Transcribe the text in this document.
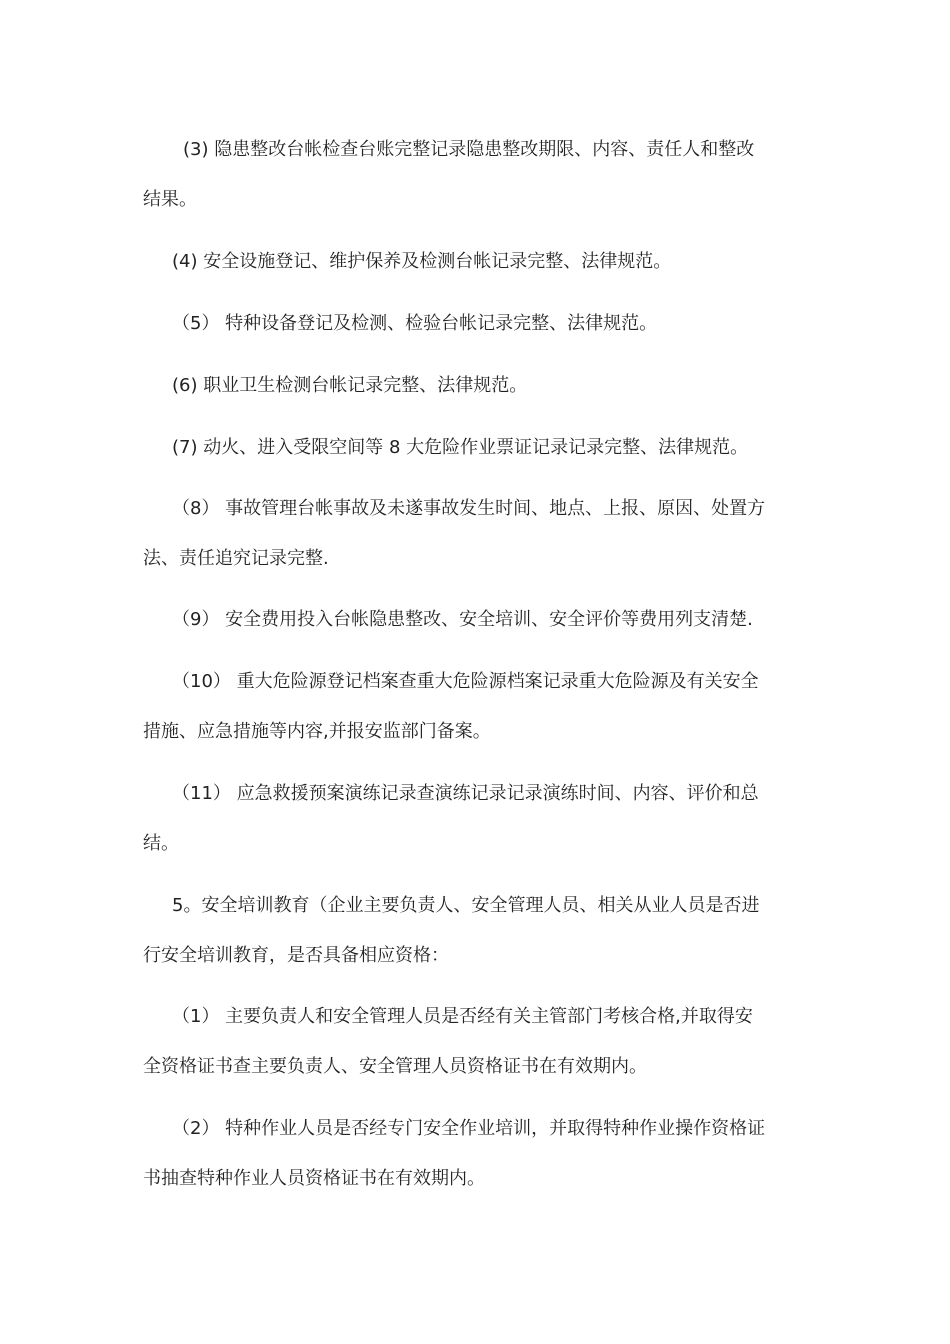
(3) 隐患整改台帐检查台账完整记录隐患整改期限、内容、责任人和整改
结果。
(4) 安全设施登记、维护保养及检测台帐记录完整、法律规范。
（5） 特种设备登记及检测、检验台帐记录完整、法律规范。
(6) 职业卫生检测台帐记录完整、法律规范。
(7) 动火、进入受限空间等 8 大危险作业票证记录记录完整、法律规范。
（8） 事故管理台帐事故及未遂事故发生时间、地点、上报、原因、处置方
法、责任追究记录完整.
（9） 安全费用投入台帐隐患整改、安全培训、安全评价等费用列支清楚.
（10） 重大危险源登记档案查重大危险源档案记录重大危险源及有关安全
措施、应急措施等内容,并报安监部门备案。
（11） 应急救援预案演练记录查演练记录记录演练时间、内容、评价和总
结。
5。安全培训教育（企业主要负责人、安全管理人员、相关从业人员是否进
行安全培训教育，是否具备相应资格：
（1） 主要负责人和安全管理人员是否经有关主管部门考核合格,并取得安
全资格证书查主要负责人、安全管理人员资格证书在有效期内。
（2） 特种作业人员是否经专门安全作业培训，并取得特种作业操作资格证
书抽查特种作业人员资格证书在有效期内。
